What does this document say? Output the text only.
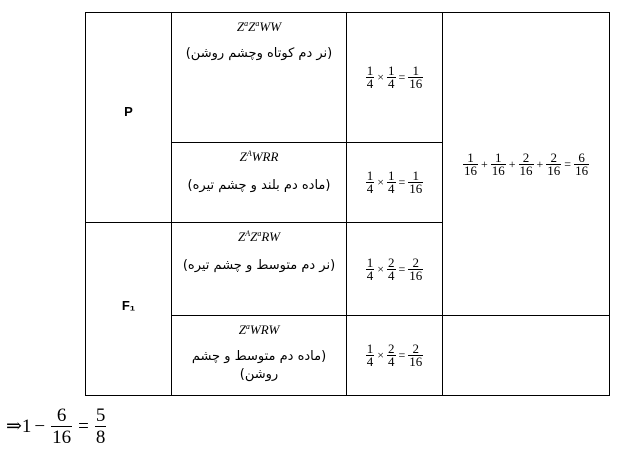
P
F₁
$Z^aZ^aWW$
(نر دم کوتاه وچشم روشن)
$\frac{1}{4} \times \frac{1}{4} = \frac{1}{16}$
$Z^AWRR$
(ماده دم بلند و چشم تیره)	$\frac{1}{4} \times \frac{1}{4} = \frac{1}{16}$
$Z^AZ^aRW$
(نر دم متوسط و چشم تیره)	$\frac{1}{4} \times \frac{2}{4} = \frac{2}{16}$
$Z^aWRW$
(ماده دم متوسط و چشم روشن)
$\frac{1}{4} \times \frac{2}{4} = \frac{2}{16}$
$\frac{1}{16} + \frac{1}{16} + \frac{2}{16} + \frac{2}{16} = \frac{6}{16}$
⇒ $1 - \frac{6}{16} = \frac{5}{8}$
